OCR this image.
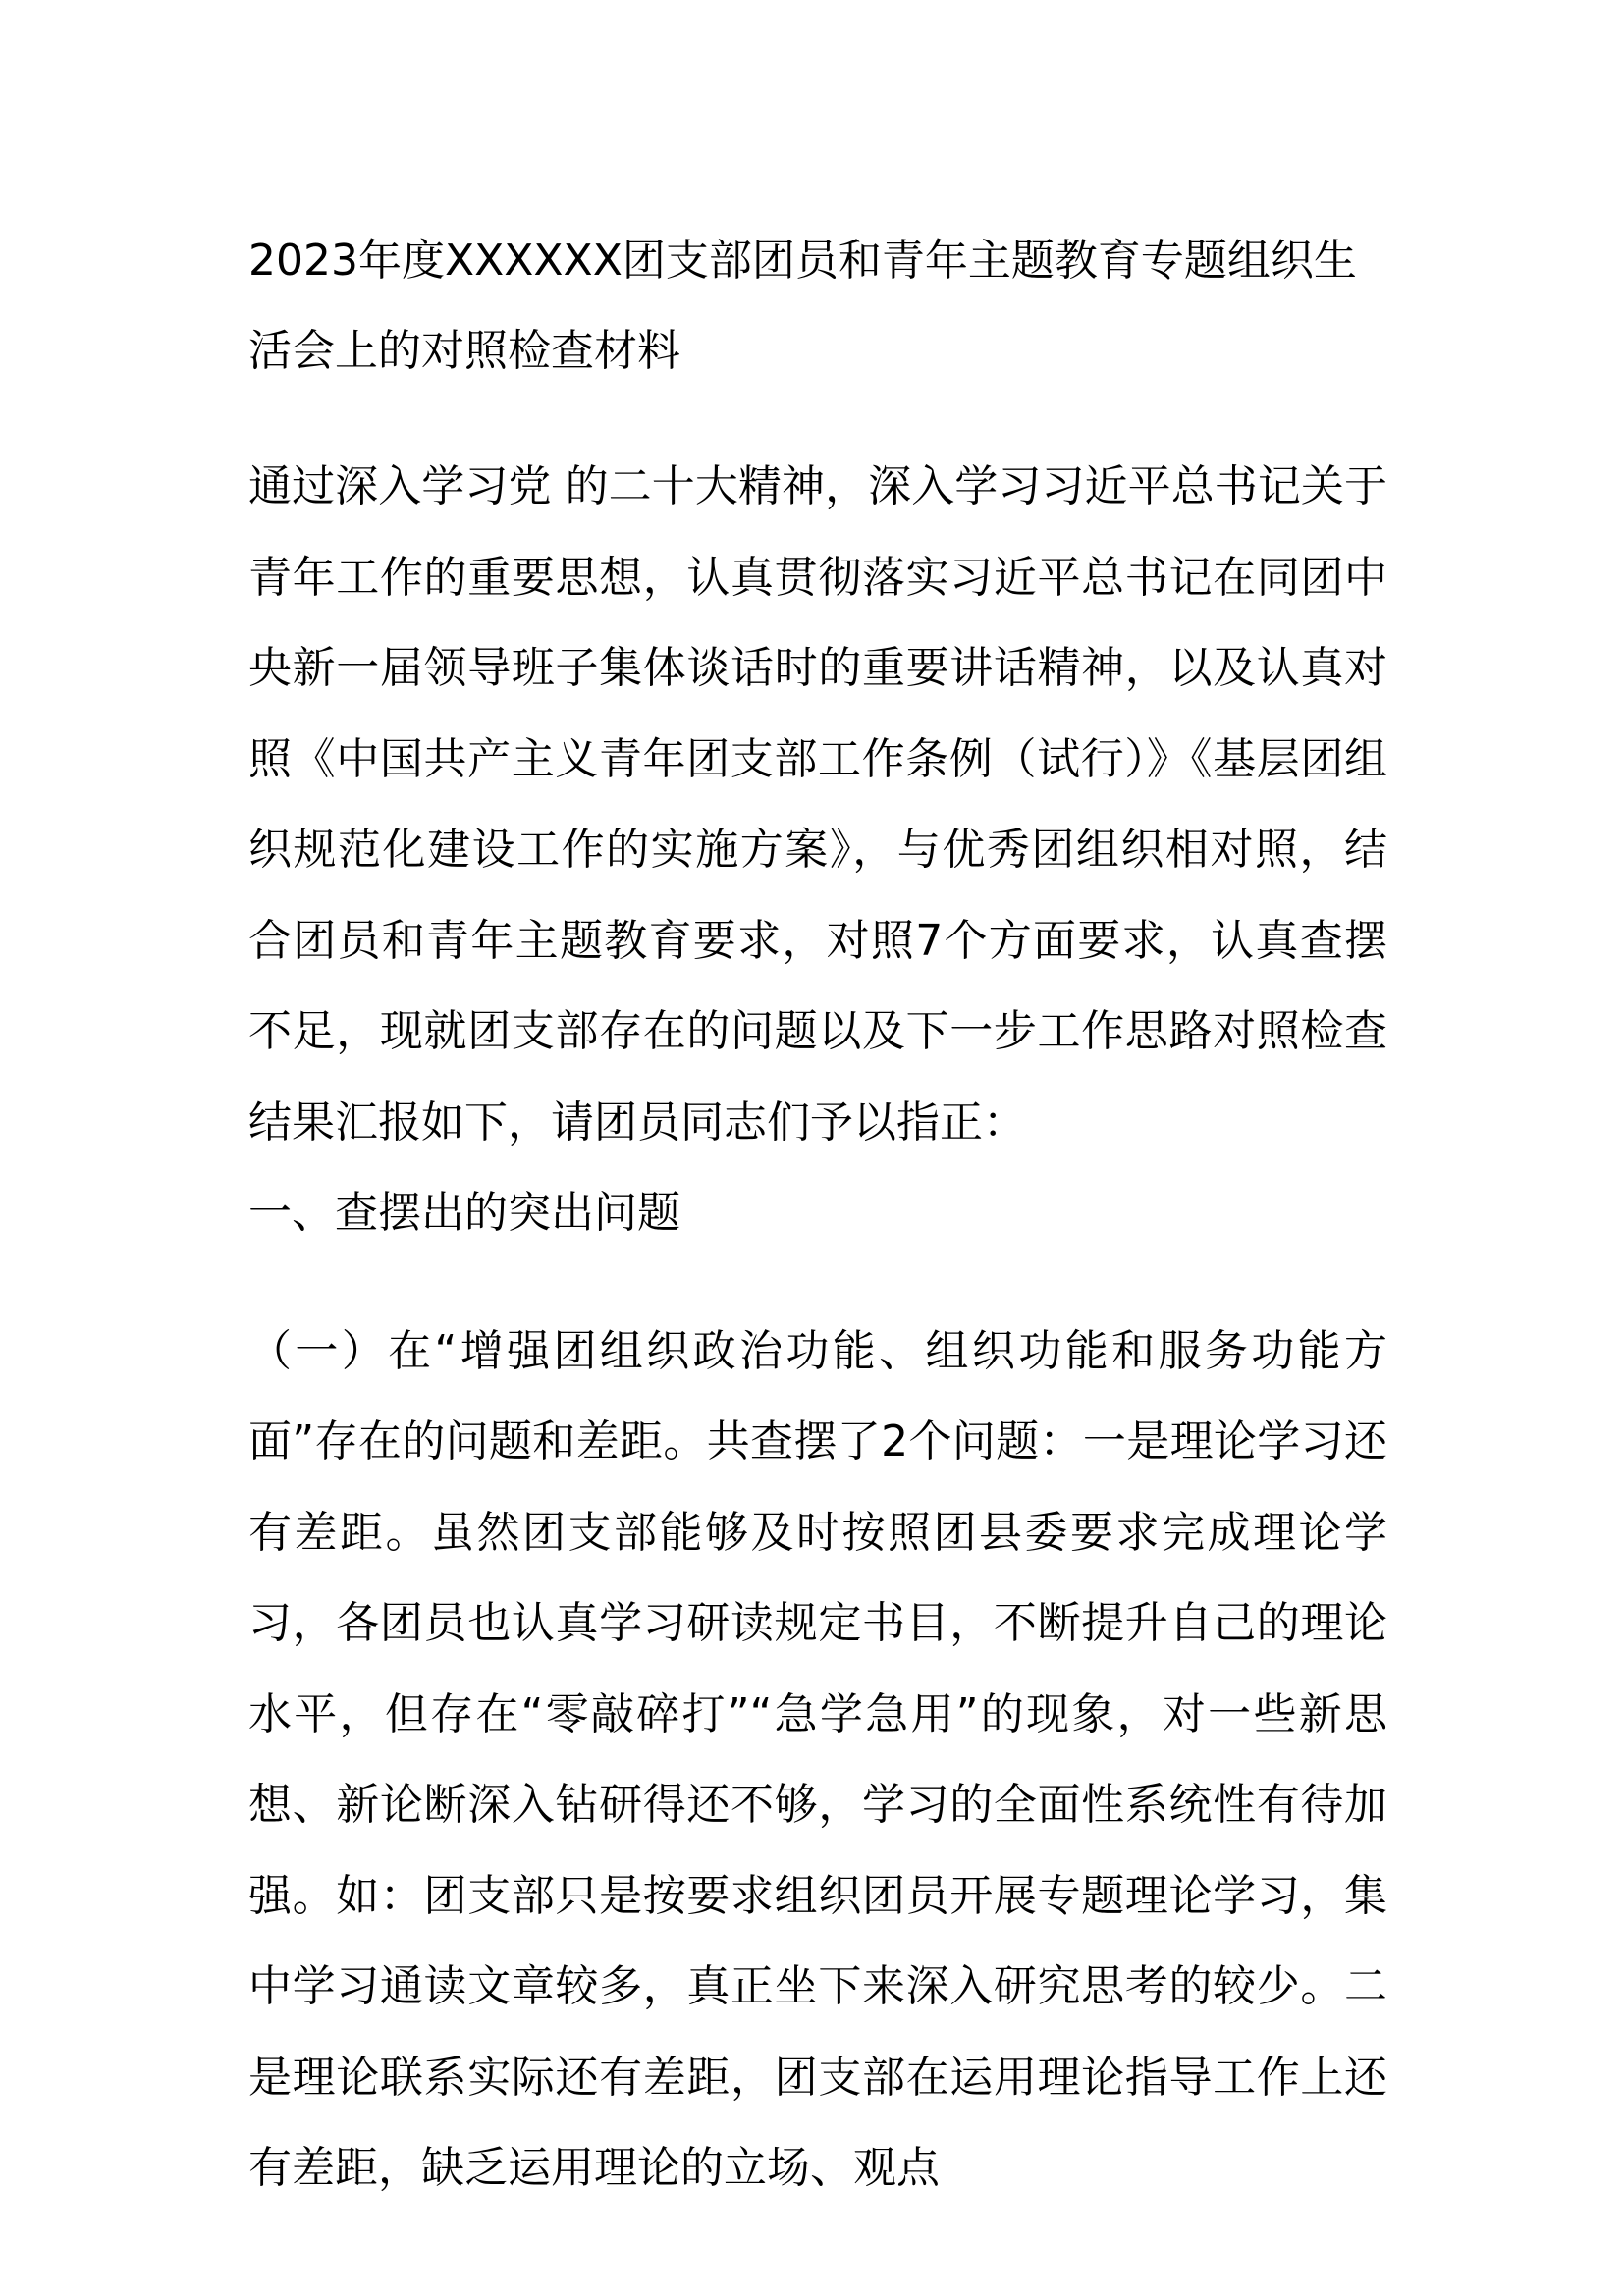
2023年度XXXXXX团支部团员和青年主题教育专题组织生活会上的对照检查材料

通过深入学习党 的二十大精神，深入学习习近平总书记关于青年工作的重要思想，认真贯彻落实习近平总书记在同团中央新一届领导班子集体谈话时的重要讲话精神，以及认真对照《中国共产主义青年团支部工作条例（试行）》《基层团组织规范化建设工作的实施方案》，与优秀团组织相对照，结合团员和青年主题教育要求，对照7个方面要求，认真查摆不足，现就团支部存在的问题以及下一步工作思路对照检查结果汇报如下，请团员同志们予以指正：

一、查摆出的突出问题

（一）在“增强团组织政治功能、组织功能和服务功能方面”存在的问题和差距。共查摆了2个问题：一是理论学习还有差距。虽然团支部能够及时按照团县委要求完成理论学习，各团员也认真学习研读规定书目，不断提升自己的理论水平，但存在“零敲碎打”“急学急用”的现象，对一些新思想、新论断深入钻研得还不够，学习的全面性系统性有待加强。如：团支部只是按要求组织团员开展专题理论学习，集中学习通读文章较多，真正坐下来深入研究思考的较少。二是理论联系实际还有差距，团支部在运用理论指导工作上还有差距，缺乏运用理论的立场、观点
